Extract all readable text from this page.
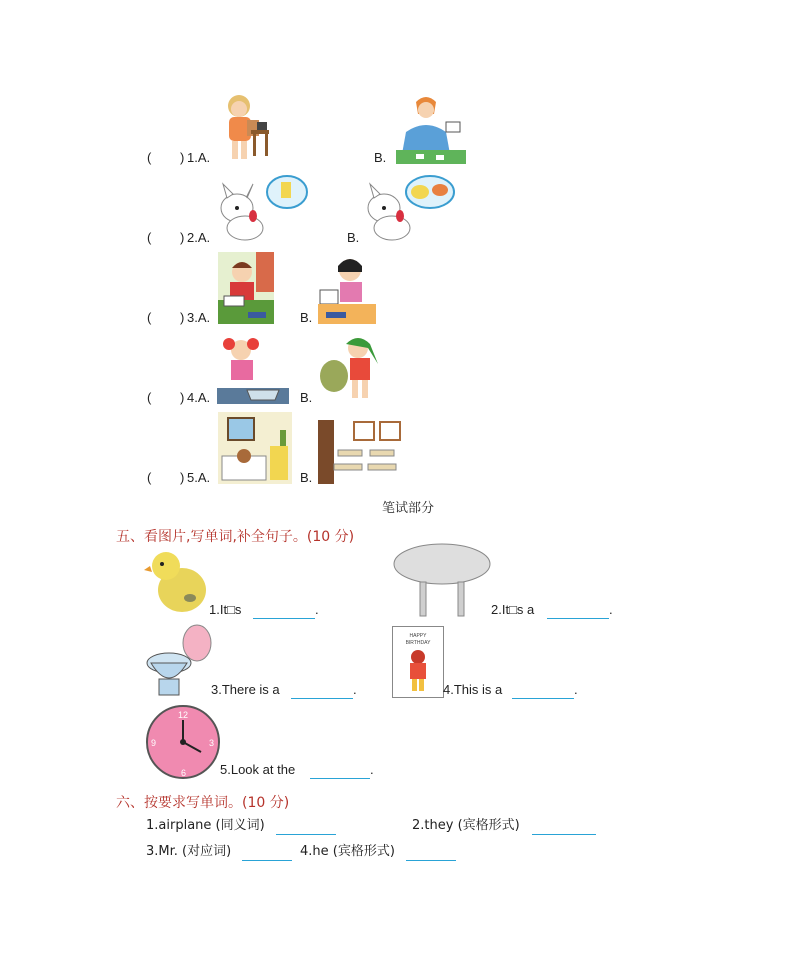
( ) 1.A.	B.
( ) 2.A.	B.
( ) 3.A.	B.
( ) 4.A.	B.
( ) 5.A.	B.
笔试部分
五、看图片,写单词,补全句子。(10 分)
1.It□s	.	2.It□s a	.
3.There is a	.
HAPPY
BIRTHDAY
4.This is a	.
12
3
6
9
5.Look at the	.
六、按要求写单词。(10 分)
1.airplane (同义词)	2.they (宾格形式)
3.Mr. (对应词)	4.he (宾格形式)
